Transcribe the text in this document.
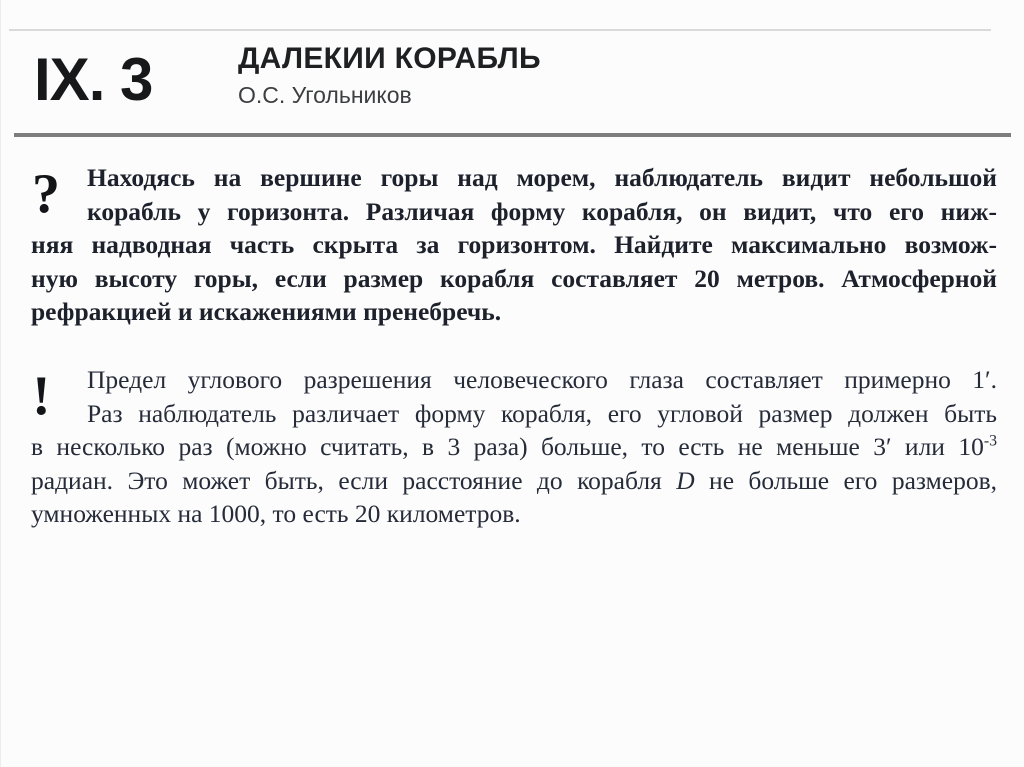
IX. 3	ДАЛЕКИИ КОРАБЛЬ
О.С. Угольников
?	Находясь на вершине горы над морем, наблюдатель видит небольшой
корабль у горизонта. Различая форму корабля, он видит, что его ниж-
няя надводная часть скрыта за горизонтом. Найдите максимально возмож-
ную высоту горы, если размер корабля составляет 20 метров. Атмосферной
рефракцией и искажениями пренебречь.
!	Предел углового разрешения человеческого глаза составляет примерно 1′.
Раз наблюдатель различает форму корабля, его угловой размер должен быть
в несколько раз (можно считать, в 3 раза) больше, то есть не меньше 3′ или $10^{-3}$
радиан. Это может быть, если расстояние до корабля D не больше его размеров,
умноженных на 1000, то есть 20 километров.
